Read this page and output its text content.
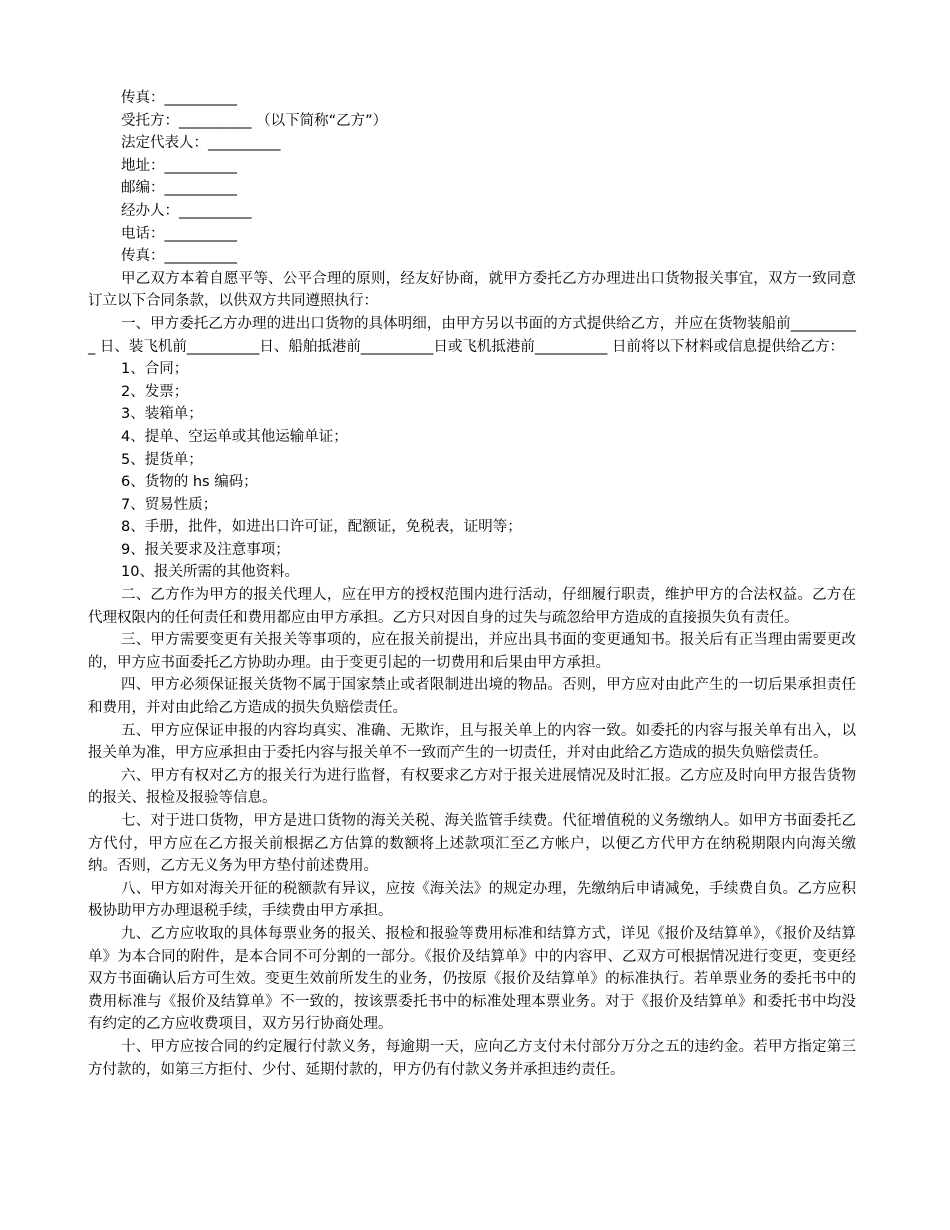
传真：__________
受托方：__________ （以下简称“乙方”）
法定代表人：__________
地址：__________
邮编：__________
经办人：__________
电话：__________
传真：__________
甲乙双方本着自愿平等、公平合理的原则，经友好协商，就甲方委托乙方办理进出口货物报关事宜，双方一致同意订立以下合同条款，以供双方共同遵照执行：
一、甲方委托乙方办理的进出口货物的具体明细，由甲方另以书面的方式提供给乙方，并应在货物装船前__________ 日、装飞机前__________日、船舶抵港前__________日或飞机抵港前__________ 日前将以下材料或信息提供给乙方：
1、合同；
2、发票；
3、装箱单；
4、提单、空运单或其他运输单证；
5、提货单；
6、货物的 hs 编码；
7、贸易性质；
8、手册，批件，如进出口许可证，配额证，免税表，证明等；
9、报关要求及注意事项；
10、报关所需的其他资料。
二、乙方作为甲方的报关代理人，应在甲方的授权范围内进行活动，仔细履行职责，维护甲方的合法权益。乙方在代理权限内的任何责任和费用都应由甲方承担。乙方只对因自身的过失与疏忽给甲方造成的直接损失负有责任。
三、甲方需要变更有关报关等事项的，应在报关前提出，并应出具书面的变更通知书。报关后有正当理由需要更改的，甲方应书面委托乙方协助办理。由于变更引起的一切费用和后果由甲方承担。
四、甲方必须保证报关货物不属于国家禁止或者限制进出境的物品。否则，甲方应对由此产生的一切后果承担责任和费用，并对由此给乙方造成的损失负赔偿责任。
五、甲方应保证申报的内容均真实、准确、无欺诈，且与报关单上的内容一致。如委托的内容与报关单有出入，以报关单为准，甲方应承担由于委托内容与报关单不一致而产生的一切责任，并对由此给乙方造成的损失负赔偿责任。
六、甲方有权对乙方的报关行为进行监督，有权要求乙方对于报关进展情况及时汇报。乙方应及时向甲方报告货物的报关、报检及报验等信息。
七、对于进口货物，甲方是进口货物的海关关税、海关监管手续费。代征增值税的义务缴纳人。如甲方书面委托乙方代付，甲方应在乙方报关前根据乙方估算的数额将上述款项汇至乙方帐户，以便乙方代甲方在纳税期限内向海关缴纳。否则，乙方无义务为甲方垫付前述费用。
八、甲方如对海关开征的税额款有异议，应按《海关法》的规定办理，先缴纳后申请减免，手续费自负。乙方应积极协助甲方办理退税手续，手续费由甲方承担。
九、乙方应收取的具体每票业务的报关、报检和报验等费用标准和结算方式，详见《报价及结算单》，《报价及结算单》为本合同的附件，是本合同不可分割的一部分。《报价及结算单》中的内容甲、乙双方可根据情况进行变更，变更经双方书面确认后方可生效。变更生效前所发生的业务，仍按原《报价及结算单》的标准执行。若单票业务的委托书中的费用标准与《报价及结算单》不一致的，按该票委托书中的标准处理本票业务。对于《报价及结算单》和委托书中均没有约定的乙方应收费项目，双方另行协商处理。
十、甲方应按合同的约定履行付款义务，每逾期一天，应向乙方支付未付部分万分之五的违约金。若甲方指定第三方付款的，如第三方拒付、少付、延期付款的，甲方仍有付款义务并承担违约责任。
